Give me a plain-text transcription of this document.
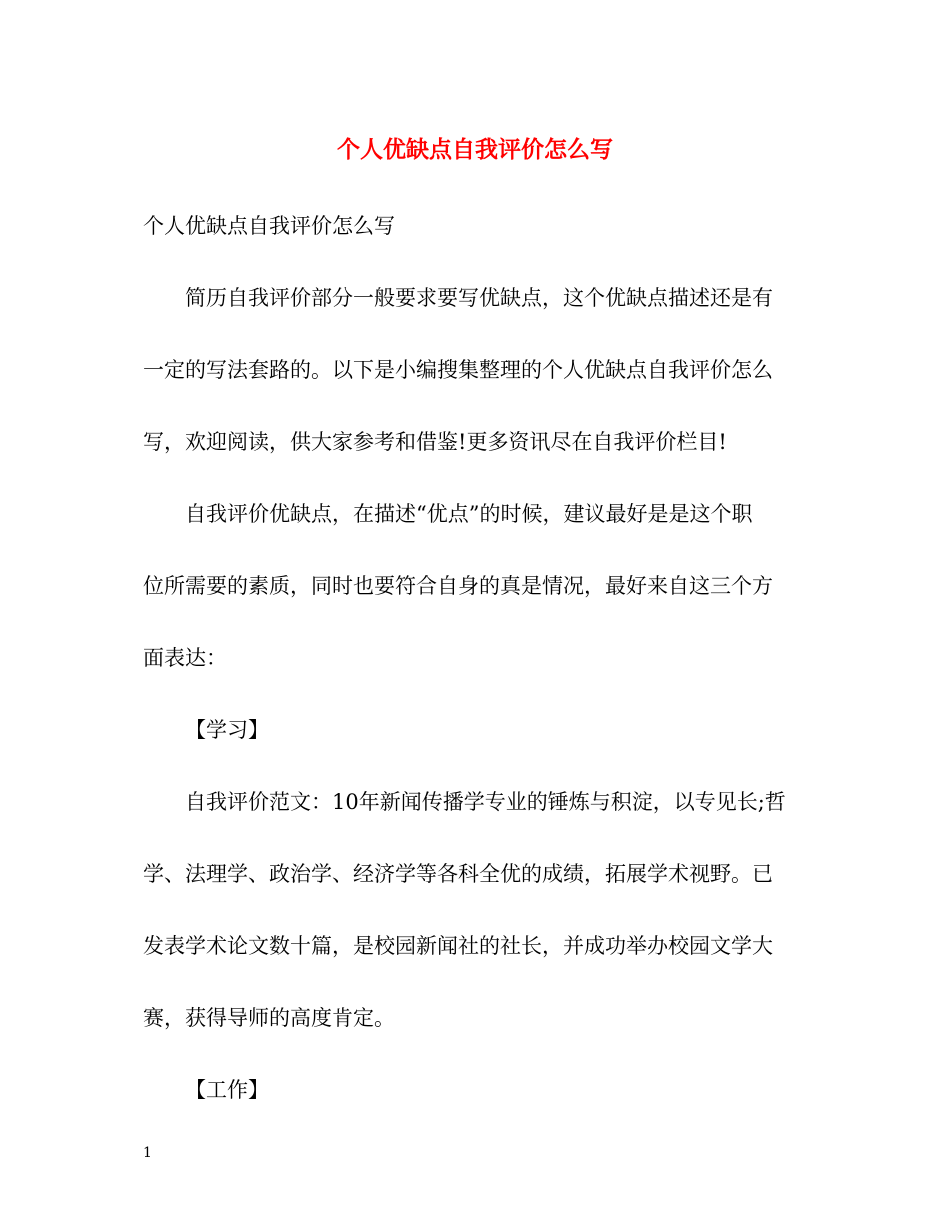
个人优缺点自我评价怎么写
个人优缺点自我评价怎么写
简历自我评价部分一般要求要写优缺点，这个优缺点描述还是有
一定的写法套路的。以下是小编搜集整理的个人优缺点自我评价怎么
写，欢迎阅读，供大家参考和借鉴!更多资讯尽在自我评价栏目!
自我评价优缺点，在描述“优点”的时候，建议最好是是这个职
位所需要的素质，同时也要符合自身的真是情况，最好来自这三个方
面表达：
【学习】
自我评价范文：10年新闻传播学专业的锤炼与积淀，以专见长;哲
学、法理学、政治学、经济学等各科全优的成绩，拓展学术视野。已
发表学术论文数十篇，是校园新闻社的社长，并成功举办校园文学大
赛，获得导师的高度肯定。
【工作】
1
